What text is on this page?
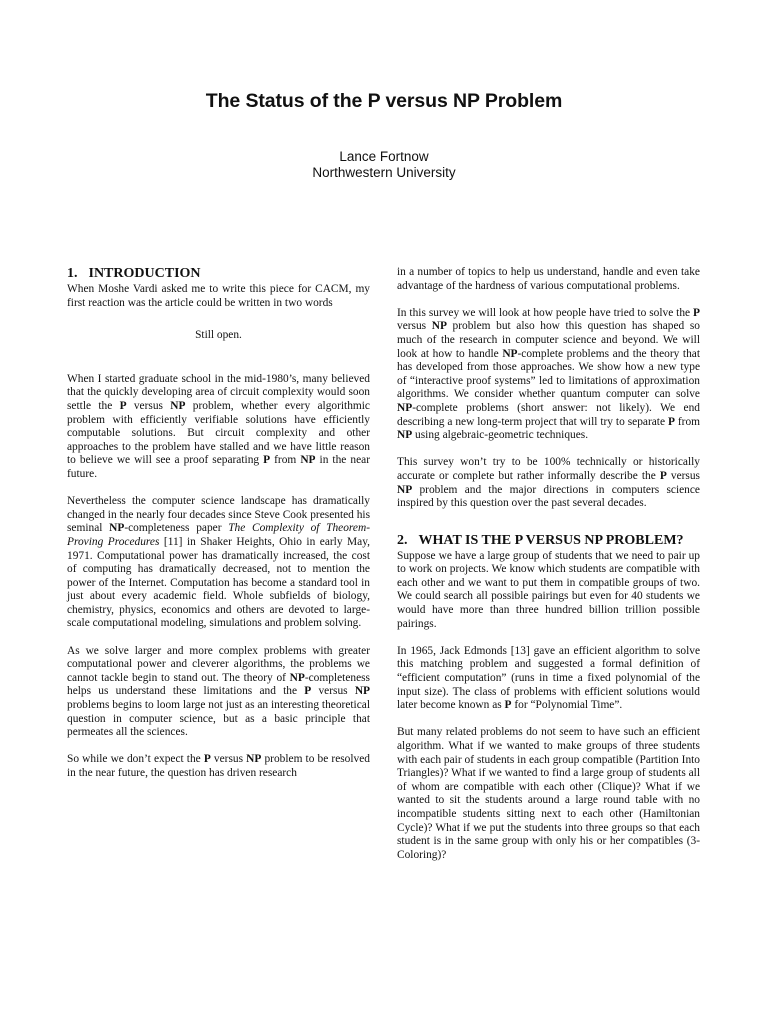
The Status of the P versus NP Problem
Lance Fortnow
Northwestern University
1. INTRODUCTION

When Moshe Vardi asked me to write this piece for CACM, my first reaction was the article could be written in two words

Still open.

When I started graduate school in the mid-1980’s, many believed that the quickly developing area of circuit complexity would soon settle the P versus NP problem, whether every algorithmic problem with efficiently verifiable solutions have efficiently computable solutions. But circuit complexity and other approaches to the problem have stalled and we have little reason to believe we will see a proof separating P from NP in the near future.

Nevertheless the computer science landscape has dramatically changed in the nearly four decades since Steve Cook presented his seminal NP-completeness paper The Complexity of Theorem-Proving Procedures [11] in Shaker Heights, Ohio in early May, 1971. Computational power has dramatically increased, the cost of computing has dramatically decreased, not to mention the power of the Internet. Computation has become a standard tool in just about every academic field. Whole subfields of biology, chemistry, physics, economics and others are devoted to large-scale computational modeling, simulations and problem solving.

As we solve larger and more complex problems with greater computational power and cleverer algorithms, the problems we cannot tackle begin to stand out. The theory of NP-completeness helps us understand these limitations and the P versus NP problems begins to loom large not just as an interesting theoretical question in computer science, but as a basic principle that permeates all the sciences.

So while we don’t expect the P versus NP problem to be resolved in the near future, the question has driven research

in a number of topics to help us understand, handle and even take advantage of the hardness of various computational problems.

In this survey we will look at how people have tried to solve the P versus NP problem but also how this question has shaped so much of the research in computer science and beyond. We will look at how to handle NP-complete problems and the theory that has developed from those approaches. We show how a new type of “interactive proof systems” led to limitations of approximation algorithms. We consider whether quantum computer can solve NP-complete problems (short answer: not likely). We end describing a new long-term project that will try to separate P from NP using algebraic-geometric techniques.

This survey won’t try to be 100% technically or historically accurate or complete but rather informally describe the P versus NP problem and the major directions in computers science inspired by this question over the past several decades.

2. WHAT IS THE P VERSUS NP PROBLEM?

Suppose we have a large group of students that we need to pair up to work on projects. We know which students are compatible with each other and we want to put them in compatible groups of two. We could search all possible pairings but even for 40 students we would have more than three hundred billion trillion possible pairings.

In 1965, Jack Edmonds [13] gave an efficient algorithm to solve this matching problem and suggested a formal definition of “efficient computation” (runs in time a fixed polynomial of the input size). The class of problems with efficient solutions would later become known as P for “Polynomial Time”.

But many related problems do not seem to have such an efficient algorithm. What if we wanted to make groups of three students with each pair of students in each group compatible (Partition Into Triangles)? What if we wanted to find a large group of students all of whom are compatible with each other (Clique)? What if we wanted to sit the students around a large round table with no incompatible students sitting next to each other (Hamiltonian Cycle)? What if we put the students into three groups so that each student is in the same group with only his or her compatibles (3-Coloring)?
